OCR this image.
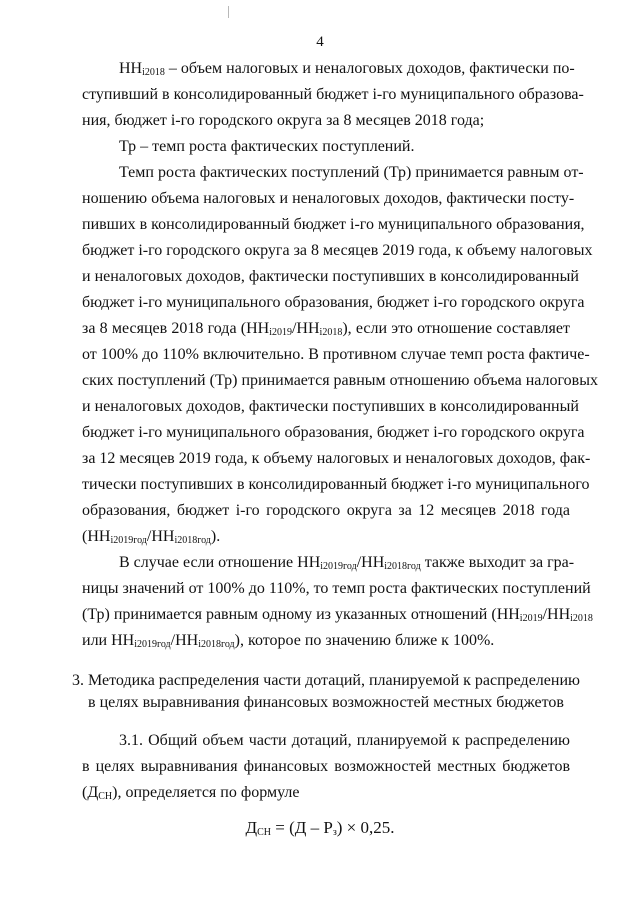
4
$НН_{i2018}$ – объем налоговых и неналоговых доходов, фактически по-
ступивший в консолидированный бюджет i-го муниципального образова-
ния, бюджет i-го городского округа за 8 месяцев 2018 года;
Тр – темп роста фактических поступлений.
Темп роста фактических поступлений (Тр) принимается равным от-
ношению объема налоговых и неналоговых доходов, фактически посту-
пивших в консолидированный бюджет i-го муниципального образования,
бюджет i-го городского округа за 8 месяцев 2019 года, к объему налоговых
и неналоговых доходов, фактически поступивших в консолидированный
бюджет i-го муниципального образования, бюджет i-го городского округа
за 8 месяцев 2018 года $(НН_{i2019}/НН_{i2018})$, если это отношение составляет
от 100% до 110% включительно. В противном случае темп роста фактиче-
ских поступлений (Тр) принимается равным отношению объема налоговых
и неналоговых доходов, фактически поступивших в консолидированный
бюджет i-го муниципального образования, бюджет i-го городского округа
за 12 месяцев 2019 года, к объему налоговых и неналоговых доходов, фак-
тически поступивших в консолидированный бюджет i-го муниципального
образования, бюджет i-го городского округа за 12 месяцев 2018 года
$(НН_{i2019год}/НН_{i2018год})$.
В случае если отношение $НН_{i2019год}/НН_{i2018год}$ также выходит за гра-
ницы значений от 100% до 110%, то темп роста фактических поступлений
(Тр) принимается равным одному из указанных отношений ($НН_{i2019}/НН_{i2018}$
или $НН_{i2019год}/НН_{i2018год}$), которое по значению ближе к 100%.
3. Методика распределения части дотаций, планируемой к распределению
в целях выравнивания финансовых возможностей местных бюджетов
3.1. Общий объем части дотаций, планируемой к распределению
в целях выравнивания финансовых возможностей местных бюджетов
$(Д_{СН})$, определяется по формуле
$Д_{СН} = (Д - Р_з) \times 0,25$.
